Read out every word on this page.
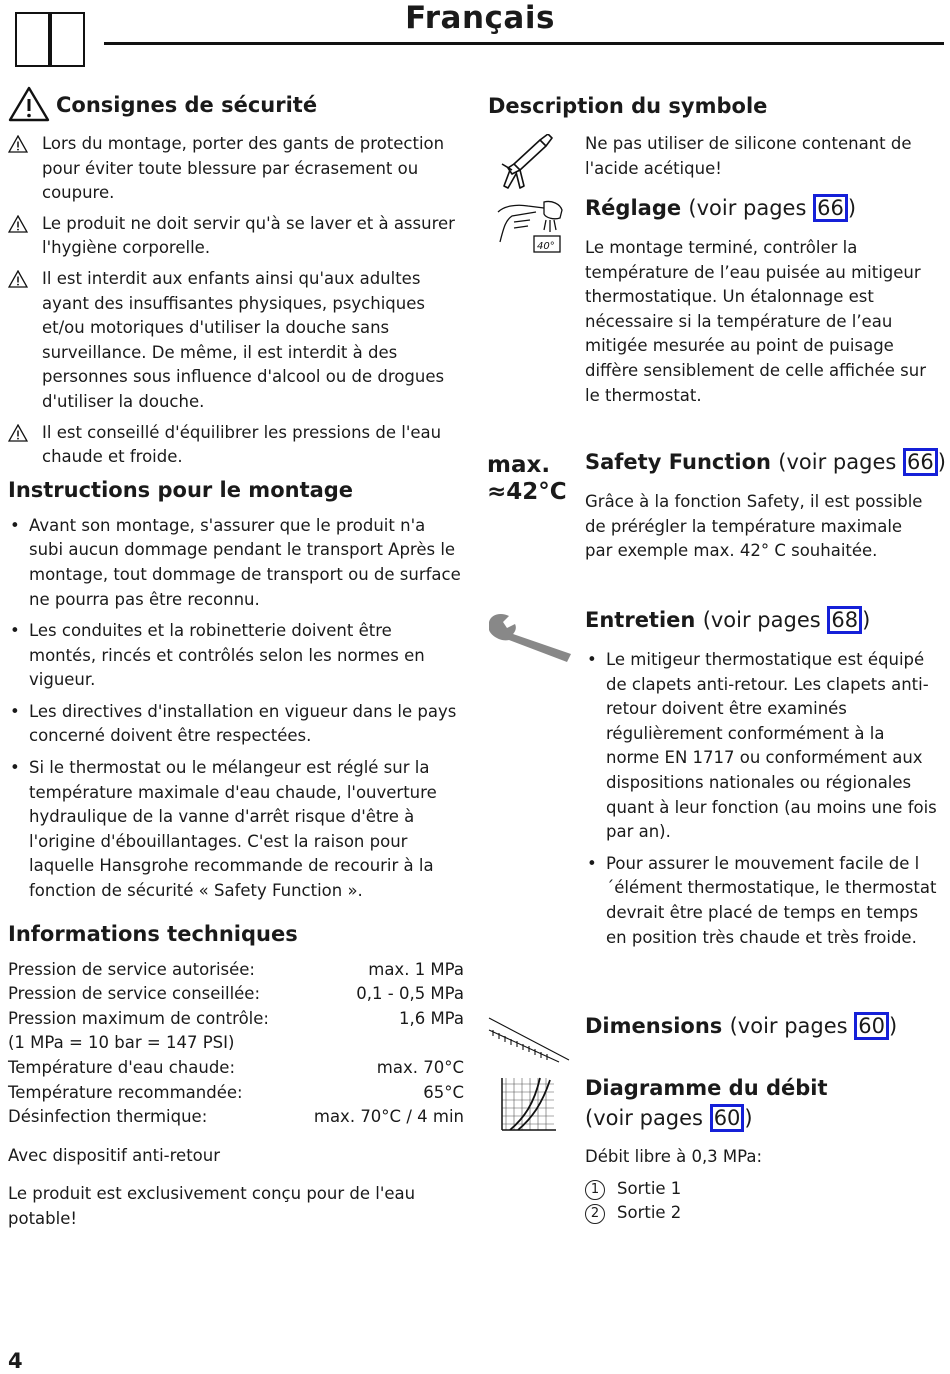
Français
Consignes de sécurité
Lors du montage, porter des gants de protection pour éviter toute blessure par écrasement ou coupure.
Le produit ne doit servir qu'à se laver et à assurer l'hygiène corporelle.
Il est interdit aux enfants ainsi qu'aux adultes ayant des insuffisantes physiques, psychiques et/ou motoriques d'utiliser la douche sans surveillance. De même, il est interdit à des personnes sous influence d'alcool ou de drogues d'utiliser la douche.
Il est conseillé d'équilibrer les pressions de l'eau chaude et froide.
Instructions pour le montage
• Avant son montage, s'assurer que le produit n'a subi aucun dommage pendant le transport Après le montage, tout dommage de transport ou de surface ne pourra pas être reconnu.
• Les conduites et la robinetterie doivent être montés, rincés et contrôlés selon les normes en vigueur.
• Les directives d'installation en vigueur dans le pays concerné doivent être respectées.
• Si le thermostat ou le mélangeur est réglé sur la température maximale d'eau chaude, l'ouverture hydraulique de la vanne d'arrêt risque d'être à l'origine d'ébouillantages. C'est la raison pour laquelle Hansgrohe recommande de recourir à la fonction de sécurité « Safety Function ».
Informations techniques
Pression de service autorisée:	max. 1 MPa
Pression de service conseillée:	0,1 - 0,5 MPa
Pression maximum de contrôle:	1,6 MPa
(1 MPa = 10 bar = 147 PSI)
Température d'eau chaude:	max. 70°C
Température recommandée:	65°C
Désinfection thermique:	max. 70°C / 4 min
Avec dispositif anti-retour
Le produit est exclusivement conçu pour de l'eau potable!
Description du symbole
Ne pas utiliser de silicone contenant de l'acide acétique!
40°
Réglage (voir pages 66 )
Le montage terminé, contrôler la température de l’eau puisée au mitigeur thermostatique. Un étalonnage est nécessaire si la température de l’eau mitigée mesurée au point de puisage diffère sensiblement de celle affichée sur le thermostat.
max.
≈42°C
Safety Function (voir pages 66 )
Grâce à la fonction Safety, il est possible de prérégler la température maximale par exemple max. 42° C souhaitée.
Entretien (voir pages 68 )
• Le mitigeur thermostatique est équipé de clapets anti-retour. Les clapets anti-retour doivent être examinés régulièrement conformément à la norme EN 1717 ou conformément aux dispositions nationales ou régionales quant à leur fonction (au moins une fois par an).
• Pour assurer le mouvement facile de l´élément thermostatique, le thermostat devrait être placé de temps en temps en position très chaude et très froide.
Dimensions (voir pages 60 )
Diagramme du débit
(voir pages 60 )
Débit libre à 0,3 MPa:
1 Sortie 1
2 Sortie 2
4
